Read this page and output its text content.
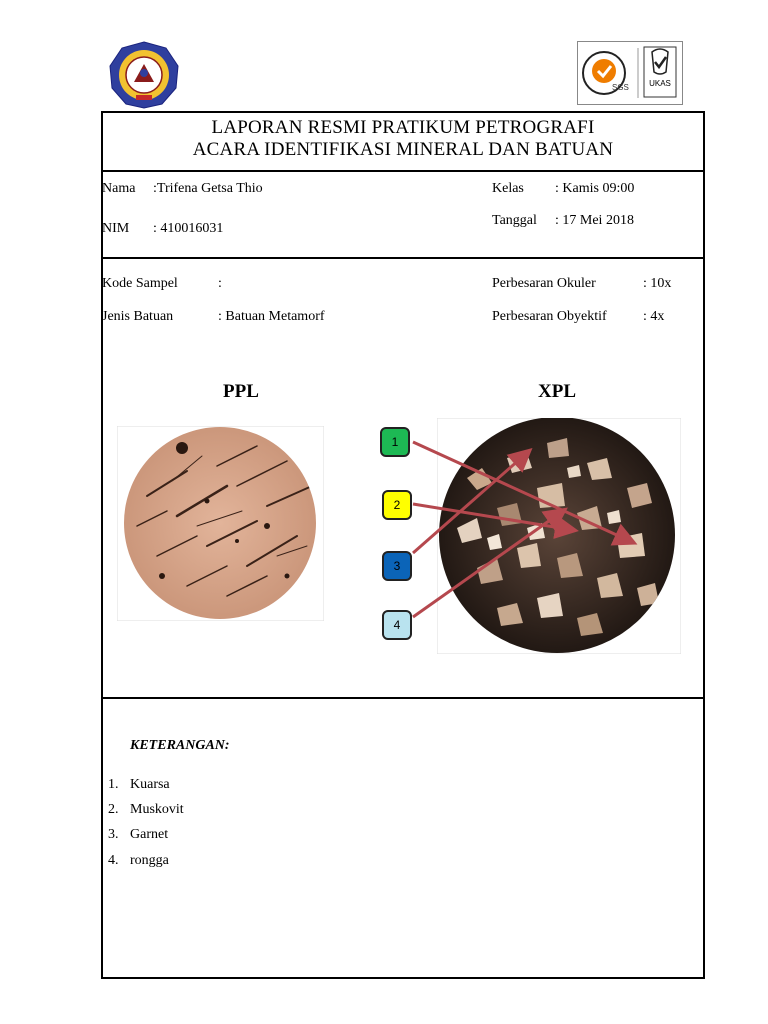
SGS	UKAS
LAPORAN RESMI PRATIKUM PETROGRAFI
ACARA IDENTIFIKASI MINERAL DAN BATUAN
Nama :Trifena Getsa Thio
NIM : 410016031
Kelas : Kamis 09:00
Tanggal : 17 Mei 2018
Kode Sampel	:
Jenis Batuan	: Batuan Metamorf
Perbesaran Okuler	: 10x
Perbesaran Obyektif	: 4x
PPL	XPL
1
2
3
4
KETERANGAN:
1. Kuarsa
2. Muskovit
3. Garnet
4. rongga
